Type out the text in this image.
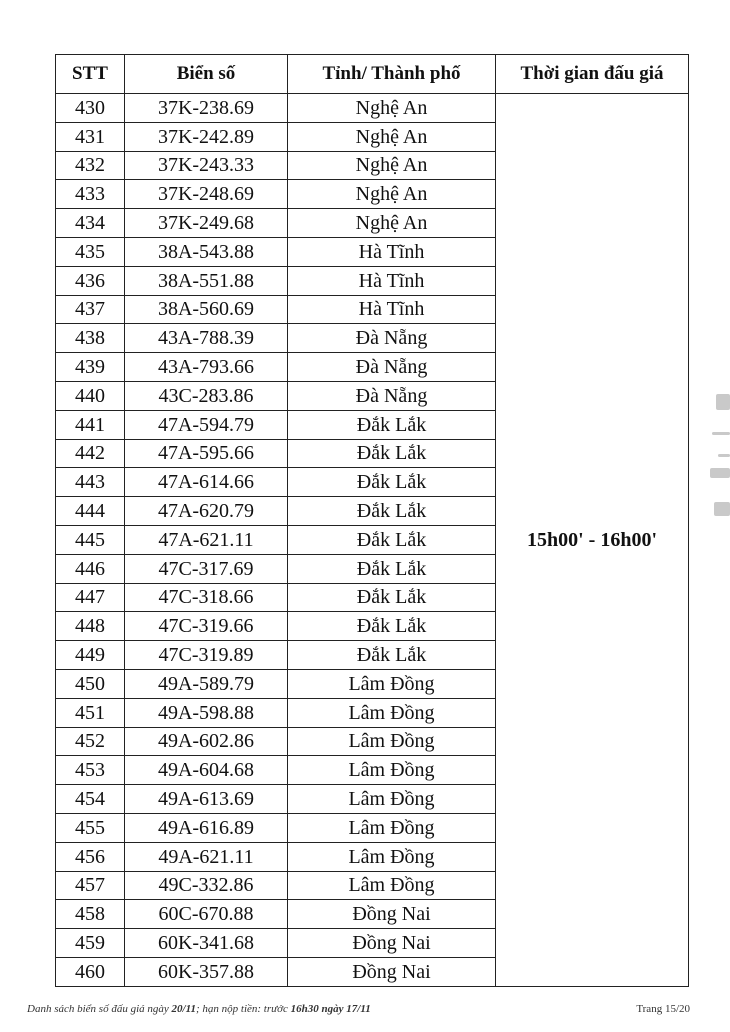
STT	Biển số	Tỉnh/ Thành phố	Thời gian đấu giá
430	37K-238.69	Nghệ An	15h00' - 16h00'
431	37K-242.89	Nghệ An	
432	37K-243.33	Nghệ An	
433	37K-248.69	Nghệ An	
434	37K-249.68	Nghệ An	
435	38A-543.88	Hà Tĩnh	
436	38A-551.88	Hà Tĩnh	
437	38A-560.69	Hà Tĩnh	
438	43A-788.39	Đà Nẵng	
439	43A-793.66	Đà Nẵng	
440	43C-283.86	Đà Nẵng	
441	47A-594.79	Đắk Lắk	
442	47A-595.66	Đắk Lắk	
443	47A-614.66	Đắk Lắk	
444	47A-620.79	Đắk Lắk	
445	47A-621.11	Đắk Lắk	
446	47C-317.69	Đắk Lắk	
447	47C-318.66	Đắk Lắk	
448	47C-319.66	Đắk Lắk	
449	47C-319.89	Đắk Lắk	
450	49A-589.79	Lâm Đồng	
451	49A-598.88	Lâm Đồng	
452	49A-602.86	Lâm Đồng	
453	49A-604.68	Lâm Đồng	
454	49A-613.69	Lâm Đồng	
455	49A-616.89	Lâm Đồng	
456	49A-621.11	Lâm Đồng	
457	49C-332.86	Lâm Đồng	
458	60C-670.88	Đồng Nai	
459	60K-341.68	Đồng Nai	
460	60K-357.88	Đồng Nai	
Danh sách biển số đấu giá ngày 20/11; hạn nộp tiền: trước 16h30 ngày 17/11	Trang 15/20
